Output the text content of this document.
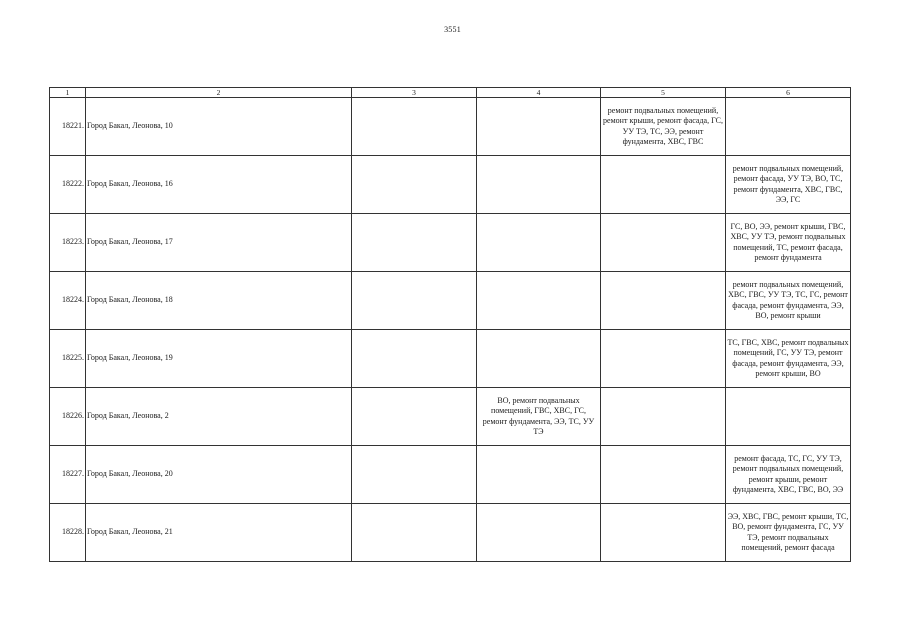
3551
1	2	3	4	5	6
18221.	Город Бакал, Леонова, 10			ремонт подвальных помещений, ремонт крыши, ремонт фасада, ГС, УУ ТЭ, ТС, ЭЭ, ремонт фундамента, ХВС, ГВС	
18222.	Город Бакал, Леонова, 16				ремонт подвальных помещений, ремонт фасада, УУ ТЭ, ВО, ТС, ремонт фундамента, ХВС, ГВС, ЭЭ, ГС
18223.	Город Бакал, Леонова, 17				ГС, ВО, ЭЭ, ремонт крыши, ГВС, ХВС, УУ ТЭ, ремонт подвальных помещений, ТС, ремонт фасада, ремонт фундамента
18224.	Город Бакал, Леонова, 18				ремонт подвальных помещений, ХВС, ГВС, УУ ТЭ, ТС, ГС, ремонт фасада, ремонт фундамента, ЭЭ, ВО, ремонт крыши
18225.	Город Бакал, Леонова, 19				ТС, ГВС, ХВС, ремонт подвальных помещений, ГС, УУ ТЭ, ремонт фасада, ремонт фундамента, ЭЭ, ремонт крыши, ВО
18226.	Город Бакал, Леонова, 2		ВО, ремонт подвальных помещений, ГВС, ХВС, ГС, ремонт фундамента, ЭЭ, ТС, УУ ТЭ		
18227.	Город Бакал, Леонова, 20				ремонт фасада, ТС, ГС, УУ ТЭ, ремонт подвальных помещений, ремонт крыши, ремонт фундамента, ХВС, ГВС, ВО, ЭЭ
18228.	Город Бакал, Леонова, 21				ЭЭ, ХВС, ГВС, ремонт крыши, ТС, ВО, ремонт фундамента, ГС, УУ ТЭ, ремонт подвальных помещений, ремонт фасада
